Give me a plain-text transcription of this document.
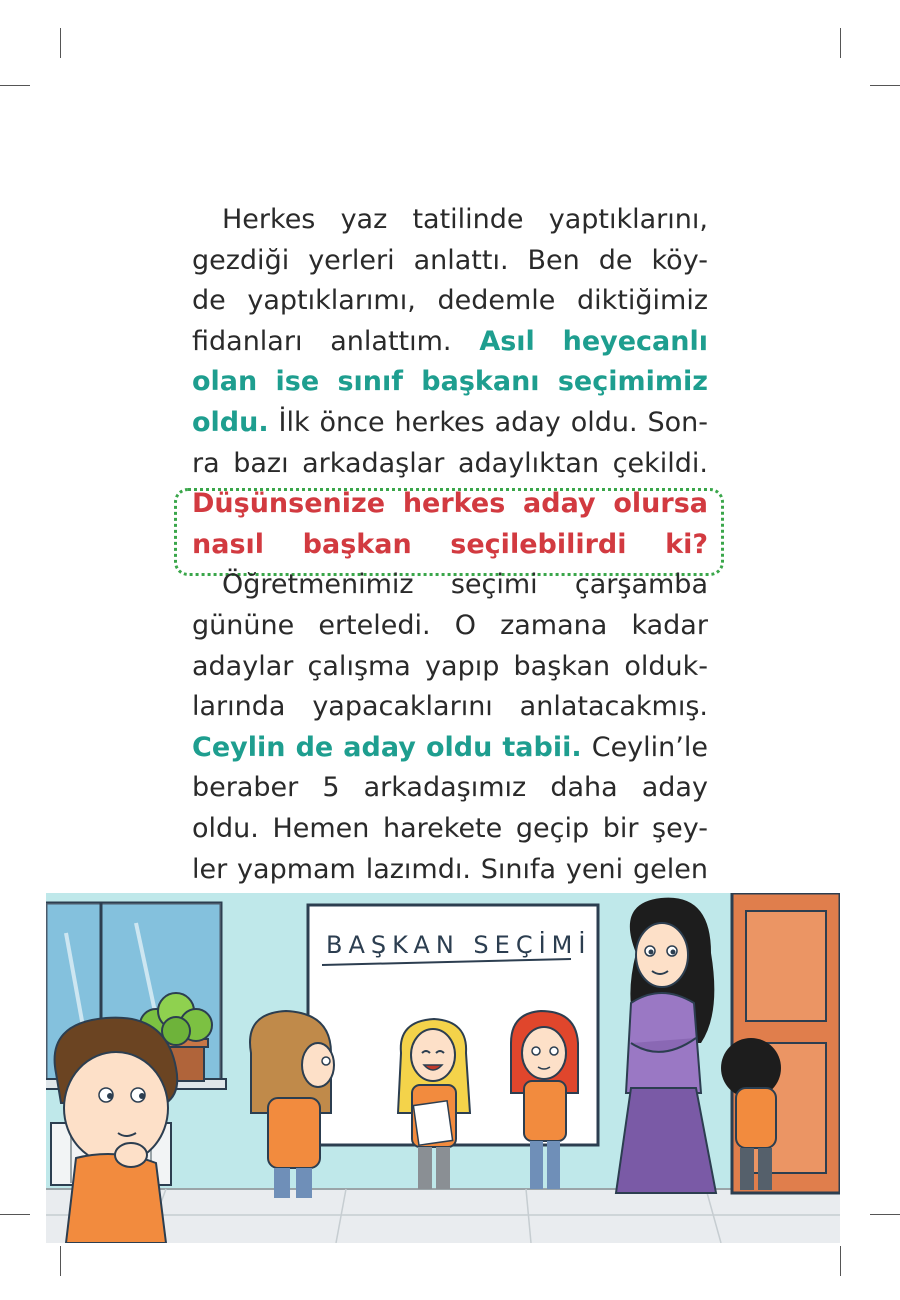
Herkes yaz tatilinde yaptıklarını,
gezdiği yerleri anlattı. Ben de köy-
de yaptıklarımı, dedemle diktiğimiz
fidanları anlattım. Asıl heyecanlı
olan ise sınıf başkanı seçimimiz
oldu. İlk önce herkes aday oldu. Son-
ra bazı arkadaşlar adaylıktan çekildi.
Düşünsenize herkes aday olursa
nasıl başkan seçilebilirdi ki?
Öğretmenimiz seçimi çarşamba
gününe erteledi. O zamana kadar
adaylar çalışma yapıp başkan olduk-
larında yapacaklarını anlatacakmış.
Ceylin de aday oldu tabii. Ceylin’le
beraber 5 arkadaşımız daha aday
oldu. Hemen harekete geçip bir şey-
ler yapmam lazımdı. Sınıfa yeni gelen
BAŞKAN SEÇİMİ
